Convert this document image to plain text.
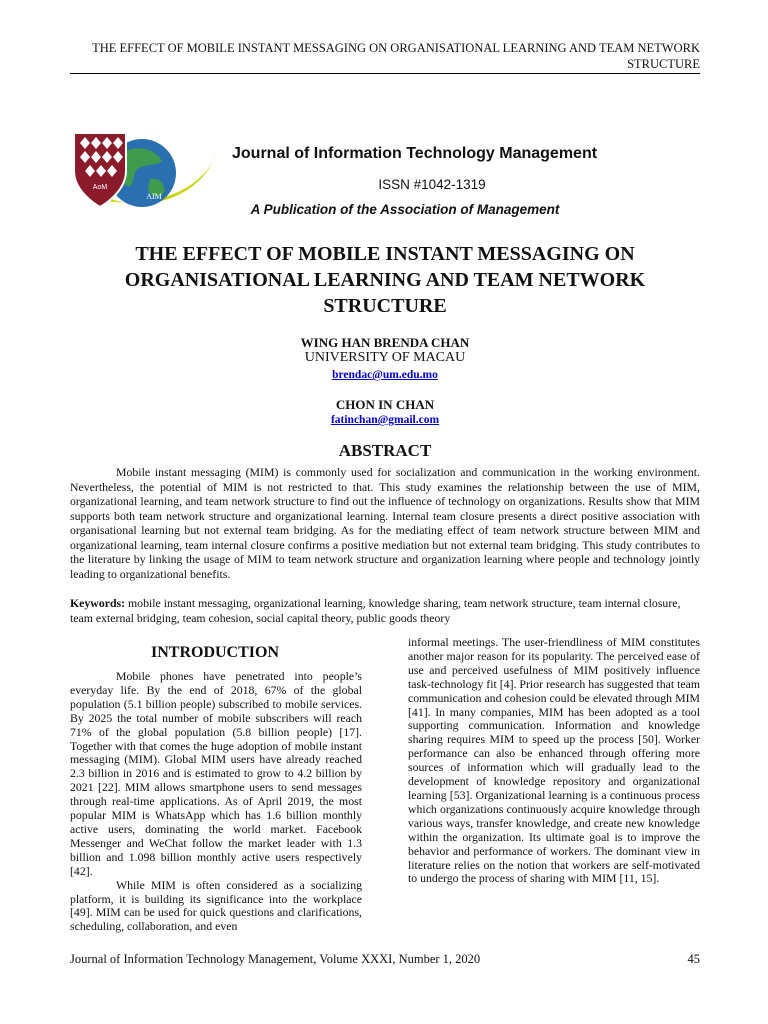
THE EFFECT OF MOBILE INSTANT MESSAGING ON ORGANISATIONAL LEARNING AND TEAM NETWORK STRUCTURE
AoM
AIM
Journal of Information Technology Management
ISSN #1042-1319
A Publication of the Association of Management
THE EFFECT OF MOBILE INSTANT MESSAGING ON ORGANISATIONAL LEARNING AND TEAM NETWORK STRUCTURE
WING HAN BRENDA CHAN
UNIVERSITY OF MACAU
brendac@um.edu.mo
CHON IN CHAN
fatinchan@gmail.com
ABSTRACT

Mobile instant messaging (MIM) is commonly used for socialization and communication in the working environment. Nevertheless, the potential of MIM is not restricted to that. This study examines the relationship between the use of MIM, organizational learning, and team network structure to find out the influence of technology on organizations. Results show that MIM supports both team network structure and organizational learning. Internal team closure presents a direct positive association with organisational learning but not external team bridging. As for the mediating effect of team network structure between MIM and organizational learning, team internal closure confirms a positive mediation but not external team bridging. This study contributes to the literature by linking the usage of MIM to team network structure and organization learning where people and technology jointly leading to organizational benefits.

Keywords: mobile instant messaging, organizational learning, knowledge sharing, team network structure, team internal closure, team external bridging, team cohesion, social capital theory, public goods theory

INTRODUCTION

Mobile phones have penetrated into people’s everyday life. By the end of 2018, 67% of the global population (5.1 billion people) subscribed to mobile services. By 2025 the total number of mobile subscribers will reach 71% of the global population (5.8 billion people) [17]. Together with that comes the huge adoption of mobile instant messaging (MIM). Global MIM users have already reached 2.3 billion in 2016 and is estimated to grow to 4.2 billion by 2021 [22]. MIM allows smartphone users to send messages through real-time applications. As of April 2019, the most popular MIM is WhatsApp which has 1.6 billion monthly active users, dominating the world market. Facebook Messenger and WeChat follow the market leader with 1.3 billion and 1.098 billion monthly active users respectively [42].

While MIM is often considered as a socializing platform, it is building its significance into the workplace [49]. MIM can be used for quick questions and clarifications, scheduling, collaboration, and even

informal meetings. The user-friendliness of MIM constitutes another major reason for its popularity. The perceived ease of use and perceived usefulness of MIM positively influence task-technology fit [4]. Prior research has suggested that team communication and cohesion could be elevated through MIM [41]. In many companies, MIM has been adopted as a tool supporting communication. Information and knowledge sharing requires MIM to speed up the process [50]. Worker performance can also be enhanced through offering more sources of information which will gradually lead to the development of knowledge repository and organizational learning [53]. Organizational learning is a continuous process which organizations continuously acquire knowledge through various ways, transfer knowledge, and create new knowledge within the organization. Its ultimate goal is to improve the behavior and performance of workers. The dominant view in literature relies on the notion that workers are self-motivated to undergo the process of sharing with MIM [11, 15].

Journal of Information Technology Management, Volume XXXI, Number 1, 2020	45
